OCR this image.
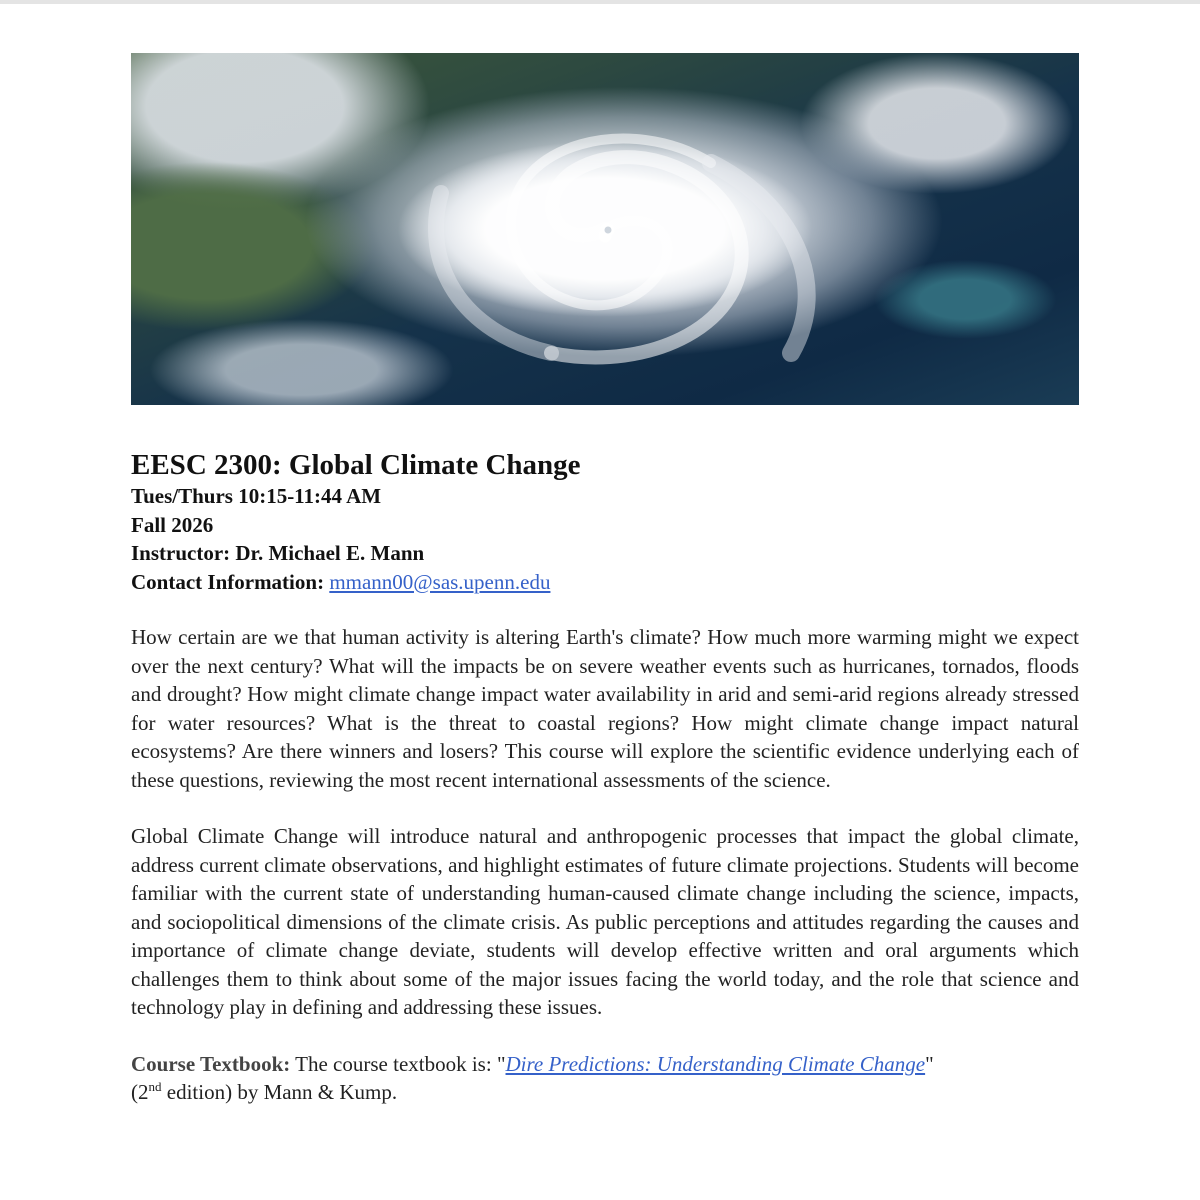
EESC 2300: Global Climate Change

Tues/Thurs 10:15-11:44 AM

Fall 2026

Instructor: Dr. Michael E. Mann

Contact Information: mmann00@sas.upenn.edu

How certain are we that human activity is altering Earth's climate? How much more warming might we expect over the next century? What will the impacts be on severe weather events such as hurricanes, tornados, floods and drought? How might climate change impact water availability in arid and semi-arid regions already stressed for water resources? What is the threat to coastal regions? How might climate change impact natural ecosystems? Are there winners and losers? This course will explore the scientific evidence underlying each of these questions, reviewing the most recent international assessments of the science.

Global Climate Change will introduce natural and anthropogenic processes that impact the global climate, address current climate observations, and highlight estimates of future climate projections. Students will become familiar with the current state of understanding human-caused climate change including the science, impacts, and sociopolitical dimensions of the climate crisis. As public perceptions and attitudes regarding the causes and importance of climate change deviate, students will develop effective written and oral arguments which challenges them to think about some of the major issues facing the world today, and the role that science and technology play in defining and addressing these issues.

Course Textbook: The course textbook is: "Dire Predictions: Understanding Climate Change"
(2nd edition) by Mann & Kump.
